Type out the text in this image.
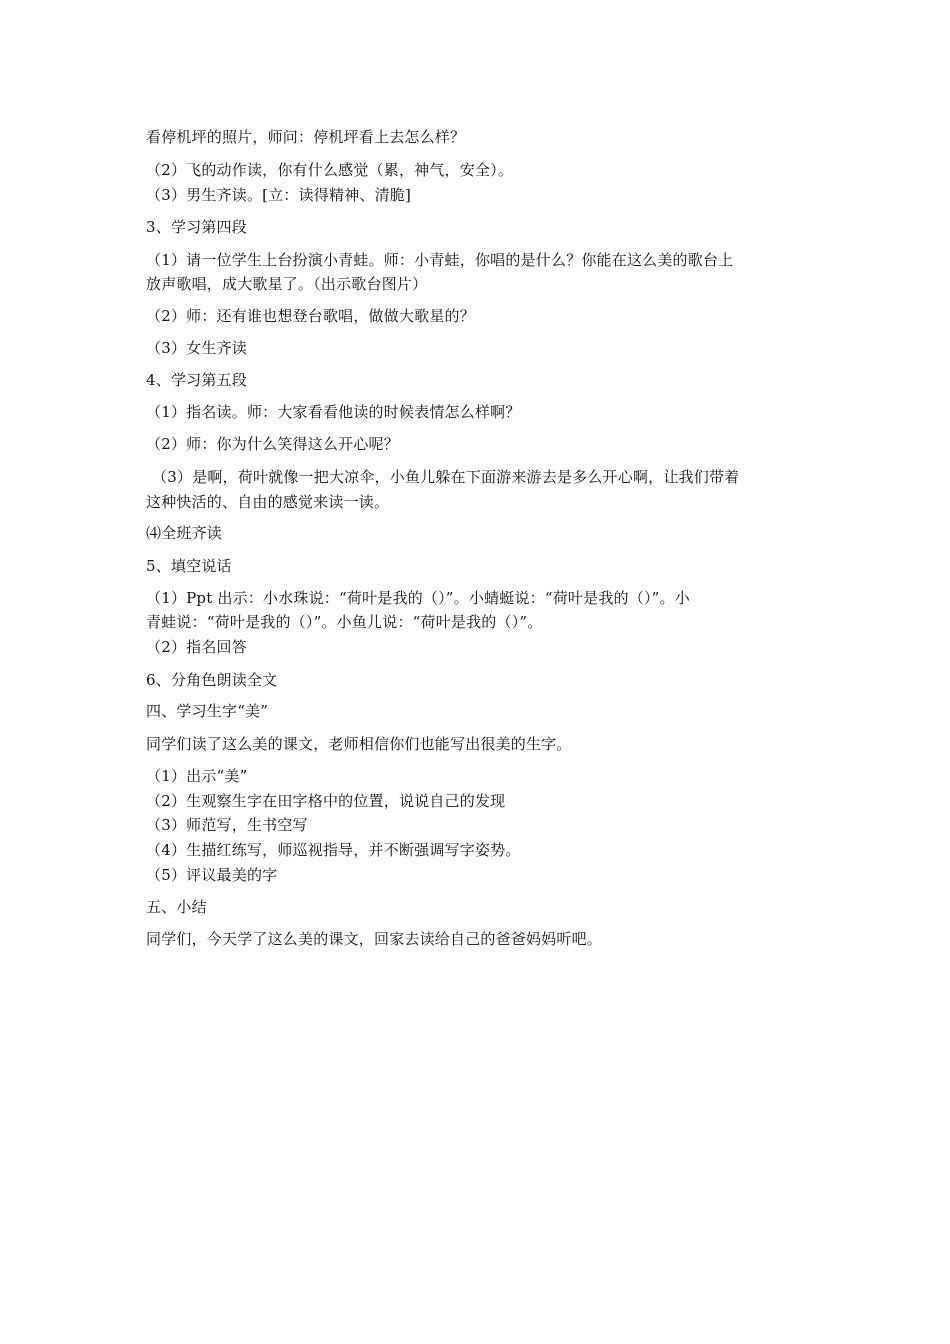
看停机坪的照片，师问：停机坪看上去怎么样？
（2）飞的动作读，你有什么感觉（累，神气，安全）。
（3）男生齐读。[立：读得精神、清脆]
3、学习第四段
（1）请一位学生上台扮演小青蛙。师：小青蛙，你唱的是什么？你能在这么美的歌台上
放声歌唱，成大歌星了。（出示歌台图片）
（2）师：还有谁也想登台歌唱，做做大歌星的？
（3）女生齐读
4、学习第五段
（1）指名读。师：大家看看他读的时候表情怎么样啊？
（2）师：你为什么笑得这么开心呢？
（3）是啊，荷叶就像一把大凉伞，小鱼儿躲在下面游来游去是多么开心啊，让我们带着
这种快活的、自由的感觉来读一读。
⑷全班齐读
5、填空说话
（1）Ppt 出示：小水珠说：“荷叶是我的（）”。小蜻蜓说：“荷叶是我的（）”。小
青蛙说：“荷叶是我的（）”。小鱼儿说：“荷叶是我的（）”。
（2）指名回答
6、分角色朗读全文
四、学习生字“美”
同学们读了这么美的课文，老师相信你们也能写出很美的生字。
（1）出示“美”
（2）生观察生字在田字格中的位置，说说自己的发现
（3）师范写，生书空写
（4）生描红练写，师巡视指导，并不断强调写字姿势。
（5）评议最美的字
五、小结
同学们，今天学了这么美的课文，回家去读给自己的爸爸妈妈听吧。
